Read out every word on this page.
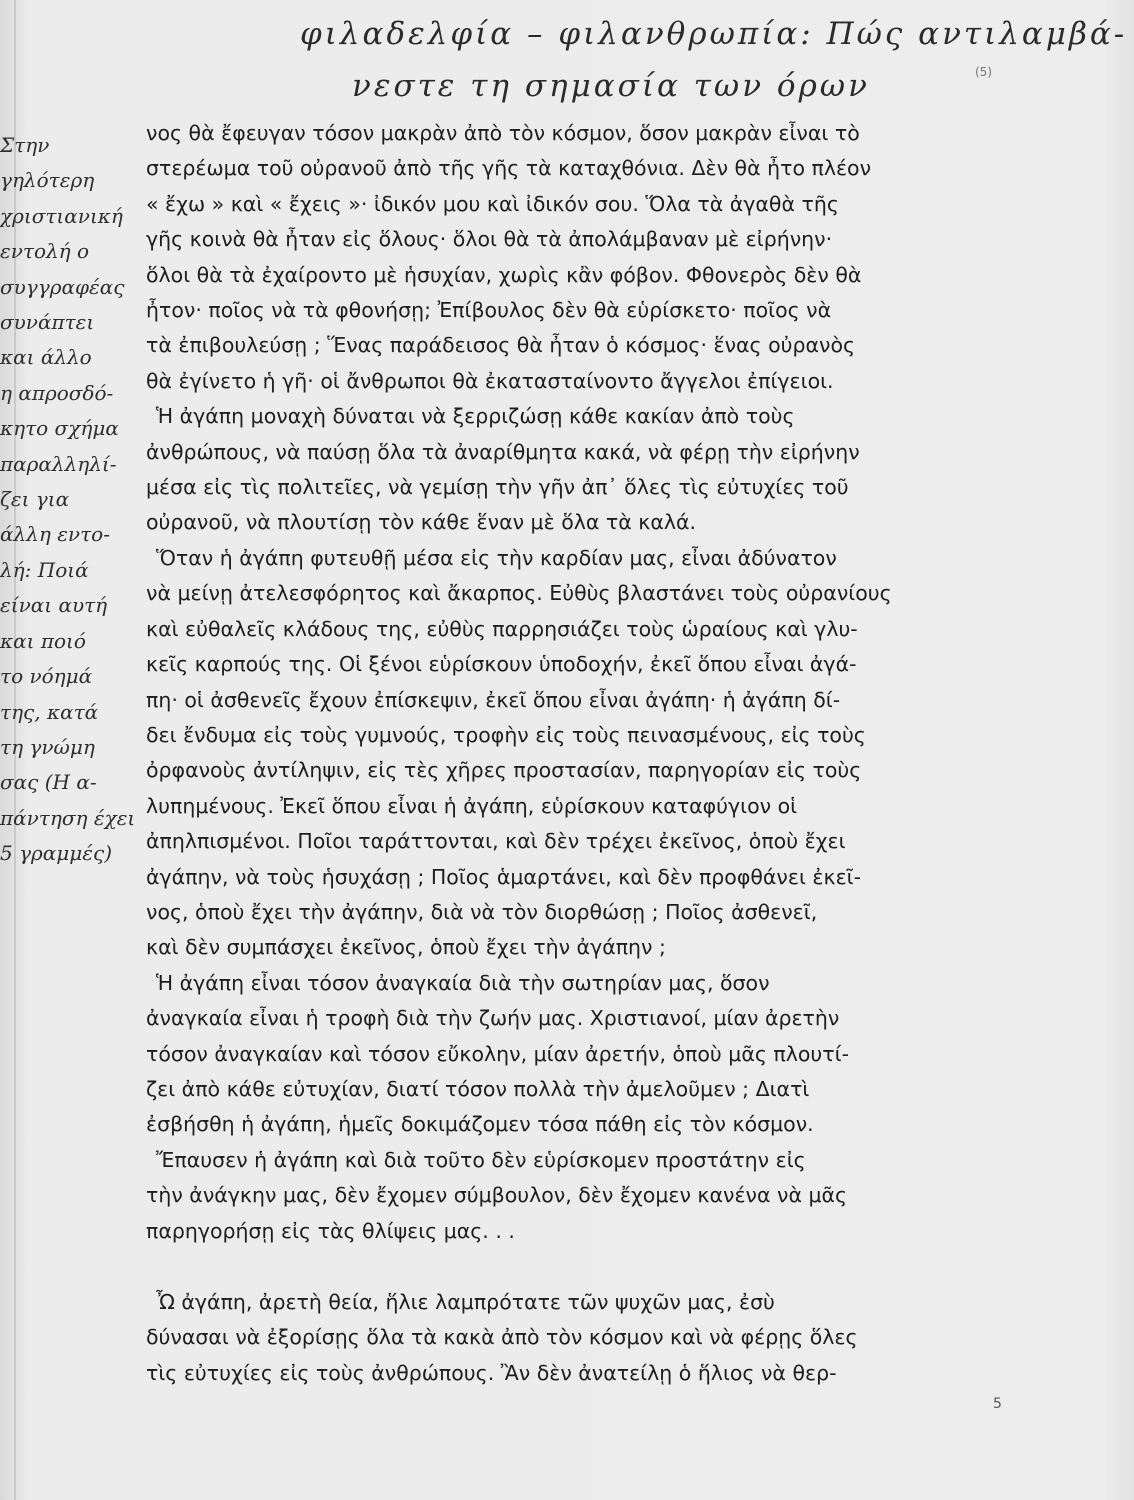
φιλαδελφία – φιλανθρωπία: Πώς αντιλαμβά-
νεστε τη σημασία των όρων	(5)
Στην
γηλότερη
χριστιανική
εντολή ο
συγγραφέας
συνάπτει
και άλλο
η απροσδό-
κητο σχήμα
παραλληλί-
ζει για
άλλη εντο-
λή: Ποιά
είναι αυτή
και ποιό
το νόημά
της, κατά
τη γνώμη
σας (Η α-
πάντηση έχει
5 γραμμές)
νος θὰ ἔφευγαν τόσον μακρὰν ἀπὸ τὸν κόσμον, ὅσον μακρὰν εἶναι τὸ
στερέωμα τοῦ οὐρανοῦ ἀπὸ τῆς γῆς τὰ καταχθόνια. Δὲν θὰ ἦτο πλέον
« ἔχω » καὶ « ἔχεις »· ἰδικόν μου καὶ ἰδικόν σου. Ὅλα τὰ ἀγαθὰ τῆς
γῆς κοινὰ θὰ ἦταν εἰς ὅλους· ὅλοι θὰ τὰ ἀπολάμβαναν μὲ εἰρήνην·
ὅλοι θὰ τὰ ἐχαίροντο μὲ ἡσυχίαν, χωρὶς κἂν φόβον. Φθονερὸς δὲν θὰ
ἦτον· ποῖος νὰ τὰ φθονήσῃ; Ἐπίβουλος δὲν θὰ εὑρίσκετο· ποῖος νὰ
τὰ ἐπιβουλεύσῃ ; Ἕνας παράδεισος θὰ ἦταν ὁ κόσμος· ἕνας οὐρανὸς
θὰ ἐγίνετο ἡ γῆ· οἱ ἄνθρωποι θὰ ἐκατασταίνοντο ἄγγελοι ἐπίγειοι.
Ἡ ἀγάπη μοναχὴ δύναται νὰ ξερριζώσῃ κάθε κακίαν ἀπὸ τοὺς
ἀνθρώπους, νὰ παύσῃ ὅλα τὰ ἀναρίθμητα κακά, νὰ φέρῃ τὴν εἰρήνην
μέσα εἰς τὶς πολιτεῖες, νὰ γεμίσῃ τὴν γῆν ἀπ᾿ ὅλες τὶς εὐτυχίες τοῦ
οὐρανοῦ, νὰ πλουτίσῃ τὸν κάθε ἕναν μὲ ὅλα τὰ καλά.
Ὅταν ἡ ἀγάπη φυτευθῇ μέσα εἰς τὴν καρδίαν μας, εἶναι ἀδύνατον
νὰ μείνῃ ἀτελεσφόρητος καὶ ἄκαρπος. Εὐθὺς βλαστάνει τοὺς οὐρανίους
καὶ εὐθαλεῖς κλάδους της, εὐθὺς παρρησιάζει τοὺς ὡραίους καὶ γλυ-
κεῖς καρπούς της. Οἱ ξένοι εὑρίσκουν ὑποδοχήν, ἐκεῖ ὅπου εἶναι ἀγά-
πη· οἱ ἀσθενεῖς ἔχουν ἐπίσκεψιν, ἐκεῖ ὅπου εἶναι ἀγάπη· ἡ ἀγάπη δί-
δει ἔνδυμα εἰς τοὺς γυμνούς, τροφὴν εἰς τοὺς πεινασμένους, εἰς τοὺς
ὀρφανοὺς ἀντίληψιν, εἰς τὲς χῆρες προστασίαν, παρηγορίαν εἰς τοὺς
λυπημένους. Ἐκεῖ ὅπου εἶναι ἡ ἀγάπη, εὑρίσκουν καταφύγιον οἱ
ἀπηλπισμένοι. Ποῖοι ταράττονται, καὶ δὲν τρέχει ἐκεῖνος, ὁποὺ ἔχει
ἀγάπην, νὰ τοὺς ἡσυχάσῃ ; Ποῖος ἁμαρτάνει, καὶ δὲν προφθάνει ἐκεῖ-
νος, ὁποὺ ἔχει τὴν ἀγάπην, διὰ νὰ τὸν διορθώσῃ ; Ποῖος ἀσθενεῖ,
καὶ δὲν συμπάσχει ἐκεῖνος, ὁποὺ ἔχει τὴν ἀγάπην ;
Ἡ ἀγάπη εἶναι τόσον ἀναγκαία διὰ τὴν σωτηρίαν μας, ὅσον
ἀναγκαία εἶναι ἡ τροφὴ διὰ τὴν ζωήν μας. Χριστιανοί, μίαν ἀρετὴν
τόσον ἀναγκαίαν καὶ τόσον εὔκολην, μίαν ἀρετήν, ὁποὺ μᾶς πλουτί-
ζει ἀπὸ κάθε εὐτυχίαν, διατί τόσον πολλὰ τὴν ἀμελοῦμεν ; Διατὶ
ἐσβήσθη ἡ ἀγάπη, ἡμεῖς δοκιμάζομεν τόσα πάθη εἰς τὸν κόσμον.
Ἔπαυσεν ἡ ἀγάπη καὶ διὰ τοῦτο δὲν εὑρίσκομεν προστάτην εἰς
τὴν ἀνάγκην μας, δὲν ἔχομεν σύμβουλον, δὲν ἔχομεν κανένα νὰ μᾶς
παρηγορήσῃ εἰς τὰς θλίψεις μας. . .
Ὦ ἀγάπη, ἀρετὴ θεία, ἥλιε λαμπρότατε τῶν ψυχῶν μας, ἐσὺ
δύνασαι νὰ ἐξορίσῃς ὅλα τὰ κακὰ ἀπὸ τὸν κόσμον καὶ νὰ φέρῃς ὅλες
τὶς εὐτυχίες εἰς τοὺς ἀνθρώπους. Ἂν δὲν ἀνατείλῃ ὁ ἥλιος νὰ θερ-
5
